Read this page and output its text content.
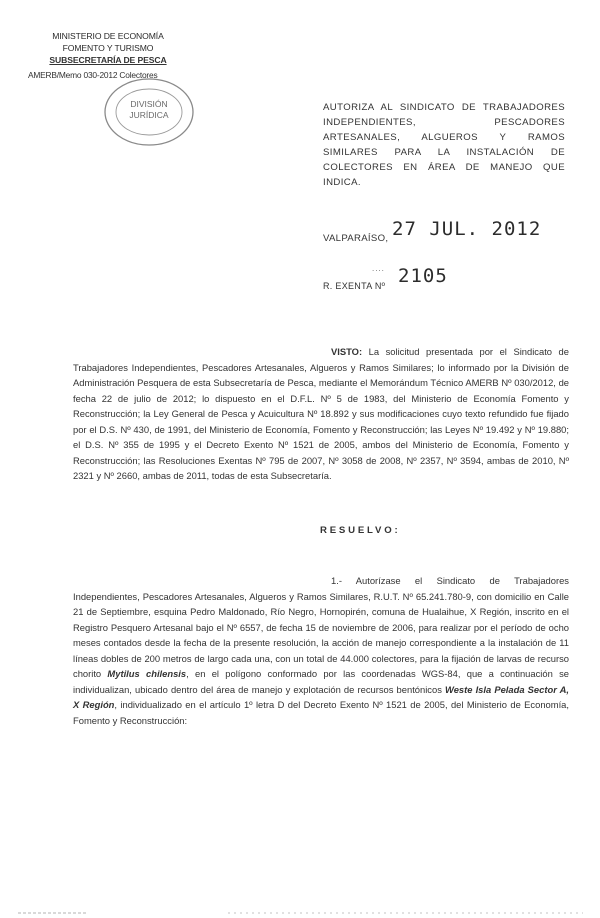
MINISTERIO DE ECONOMÍA
FOMENTO Y TURISMO
SUBSECRETARÍA DE PESCA
AMERB/Memo 030-2012 Colectores
DIVISIÓN
JURÍDICA
AUTORIZA AL SINDICATO DE TRABAJADORES INDEPENDIENTES, PESCADORES ARTESANALES, ALGUEROS Y RAMOS SIMILARES PARA LA INSTALACIÓN DE COLECTORES EN ÁREA DE MANEJO QUE INDICA.
VALPARAÍSO, 27 JUL. 2012
....
R. EXENTA Nº 2105
VISTO: La solicitud presentada por el Sindicato de Trabajadores Independientes, Pescadores Artesanales, Algueros y Ramos Similares; lo informado por la División de Administración Pesquera de esta Subsecretaría de Pesca, mediante el Memorándum Técnico AMERB Nº 030/2012, de fecha 22 de julio de 2012; lo dispuesto en el D.F.L. Nº 5 de 1983, del Ministerio de Economía Fomento y Reconstrucción; la Ley General de Pesca y Acuicultura Nº 18.892 y sus modificaciones cuyo texto refundido fue fijado por el D.S. Nº 430, de 1991, del Ministerio de Economía, Fomento y Reconstrucción; las Leyes Nº 19.492 y Nº 19.880; el D.S. Nº 355 de 1995 y el Decreto Exento Nº 1521 de 2005, ambos del Ministerio de Economía, Fomento y Reconstrucción; las Resoluciones Exentas Nº 795 de 2007, Nº 3058 de 2008, Nº 2357, Nº 3594, ambas de 2010, Nº 2321 y Nº 2660, ambas de 2011, todas de esta Subsecretaría.
RESUELVO:
1.- Autorízase el Sindicato de Trabajadores Independientes, Pescadores Artesanales, Algueros y Ramos Similares, R.U.T. Nº 65.241.780-9, con domicilio en Calle 21 de Septiembre, esquina Pedro Maldonado, Río Negro, Hornopirén, comuna de Hualaihue, X Región, inscrito en el Registro Pesquero Artesanal bajo el Nº 6557, de fecha 15 de noviembre de 2006, para realizar por el período de ocho meses contados desde la fecha de la presente resolución, la acción de manejo correspondiente a la instalación de 11 líneas dobles de 200 metros de largo cada una, con un total de 44.000 colectores, para la fijación de larvas de recurso chorito Mytilus chilensis, en el polígono conformado por las coordenadas WGS-84, que a continuación se individualizan, ubicado dentro del área de manejo y explotación de recursos bentónicos Weste Isla Pelada Sector A, X Región, individualizado en el artículo 1º letra D del Decreto Exento Nº 1521 de 2005, del Ministerio de Economía, Fomento y Reconstrucción:
